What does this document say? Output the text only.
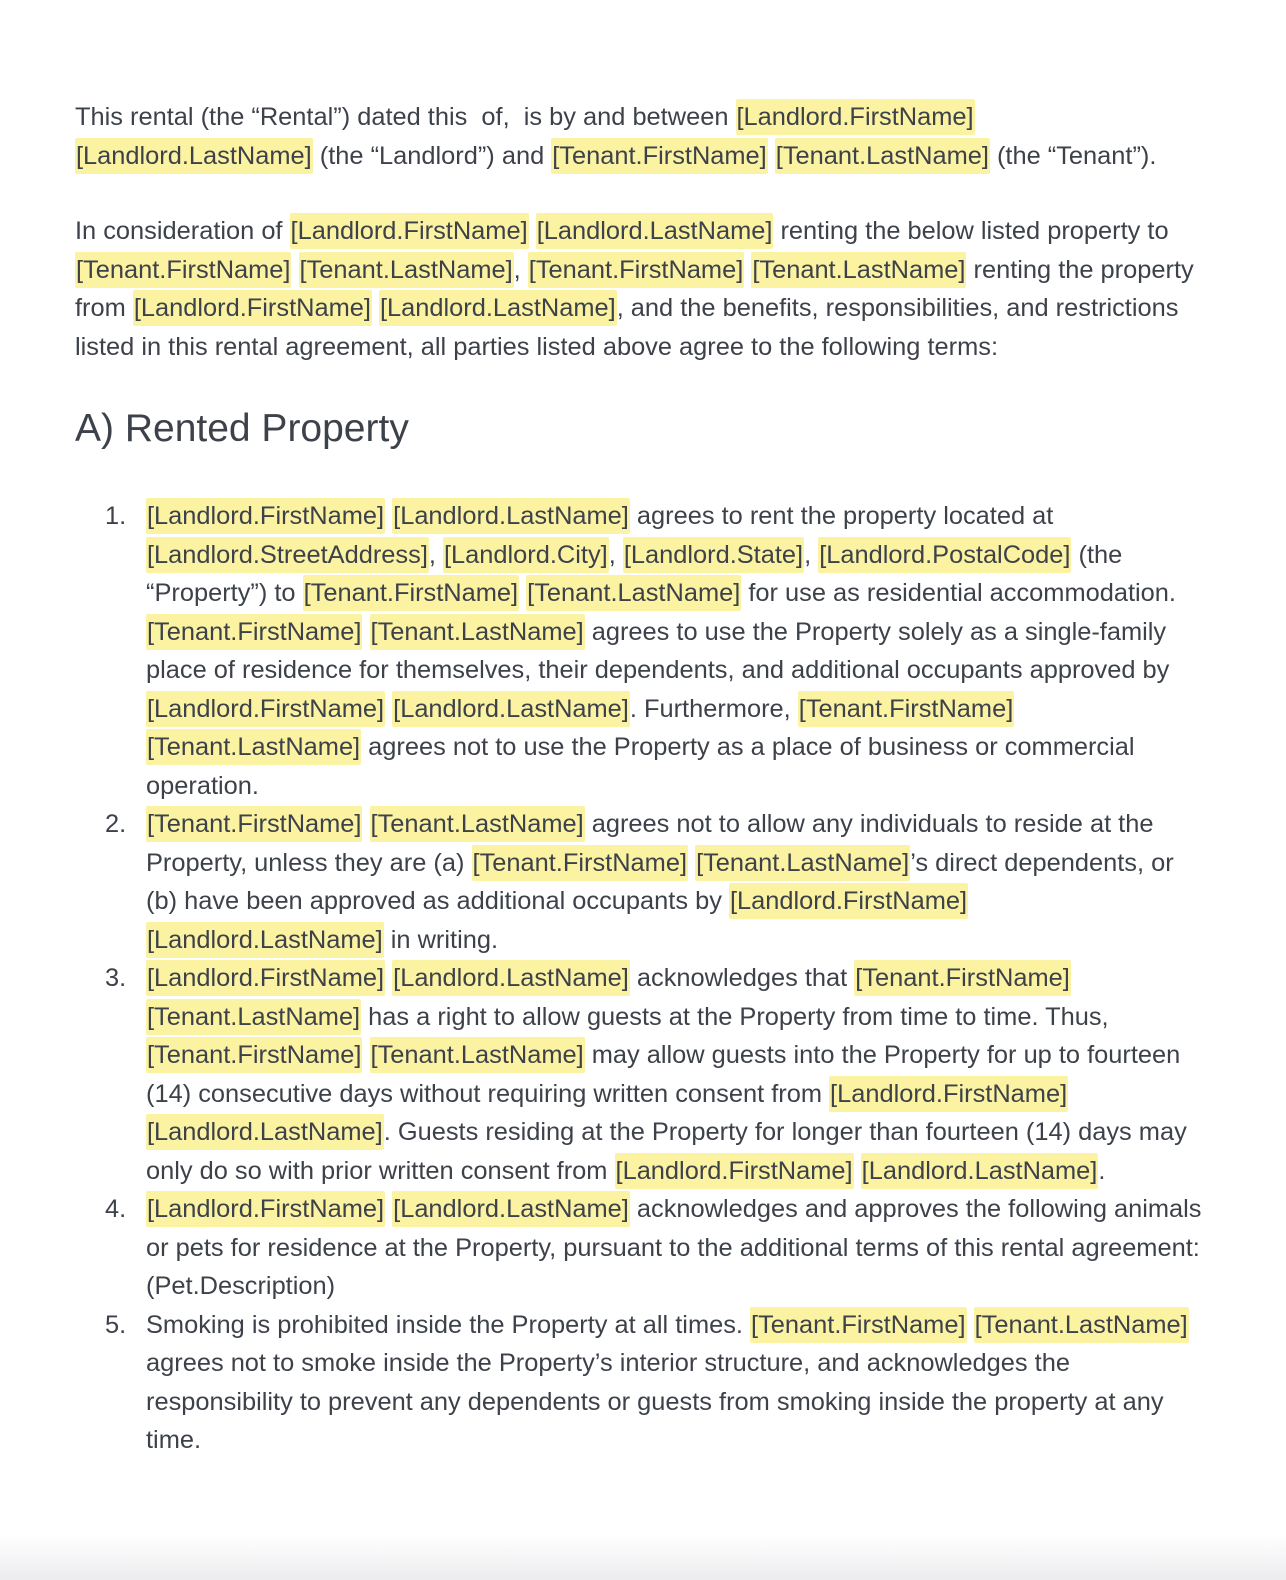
This rental (the “Rental”) dated this  of,  is by and between [Landlord.FirstName] [Landlord.LastName] (the “Landlord”) and [Tenant.FirstName] [Tenant.LastName] (the “Tenant”).

In consideration of [Landlord.FirstName] [Landlord.LastName] renting the below listed property to [Tenant.FirstName] [Tenant.LastName], [Tenant.FirstName] [Tenant.LastName] renting the property from [Landlord.FirstName] [Landlord.LastName], and the benefits, responsibilities, and restrictions listed in this rental agreement, all parties listed above agree to the following terms:

A) Rented Property
1. [Landlord.FirstName] [Landlord.LastName] agrees to rent the property located at [Landlord.StreetAddress], [Landlord.City], [Landlord.State], [Landlord.PostalCode] (the “Property”) to [Tenant.FirstName] [Tenant.LastName] for use as residential accommodation. [Tenant.FirstName] [Tenant.LastName] agrees to use the Property solely as a single-family place of residence for themselves, their dependents, and additional occupants approved by [Landlord.FirstName] [Landlord.LastName]. Furthermore, [Tenant.FirstName] [Tenant.LastName] agrees not to use the Property as a place of business or commercial operation.
2. [Tenant.FirstName] [Tenant.LastName] agrees not to allow any individuals to reside at the Property, unless they are (a) [Tenant.FirstName] [Tenant.LastName]’s direct dependents, or (b) have been approved as additional occupants by [Landlord.FirstName] [Landlord.LastName] in writing.
3. [Landlord.FirstName] [Landlord.LastName] acknowledges that [Tenant.FirstName] [Tenant.LastName] has a right to allow guests at the Property from time to time. Thus, [Tenant.FirstName] [Tenant.LastName] may allow guests into the Property for up to fourteen (14) consecutive days without requiring written consent from [Landlord.FirstName] [Landlord.LastName]. Guests residing at the Property for longer than fourteen (14) days may only do so with prior written consent from [Landlord.FirstName] [Landlord.LastName].
4. [Landlord.FirstName] [Landlord.LastName] acknowledges and approves the following animals or pets for residence at the Property, pursuant to the additional terms of this rental agreement: (Pet.Description)
5. Smoking is prohibited inside the Property at all times. [Tenant.FirstName] [Tenant.LastName] agrees not to smoke inside the Property’s interior structure, and acknowledges the responsibility to prevent any dependents or guests from smoking inside the property at any time.
